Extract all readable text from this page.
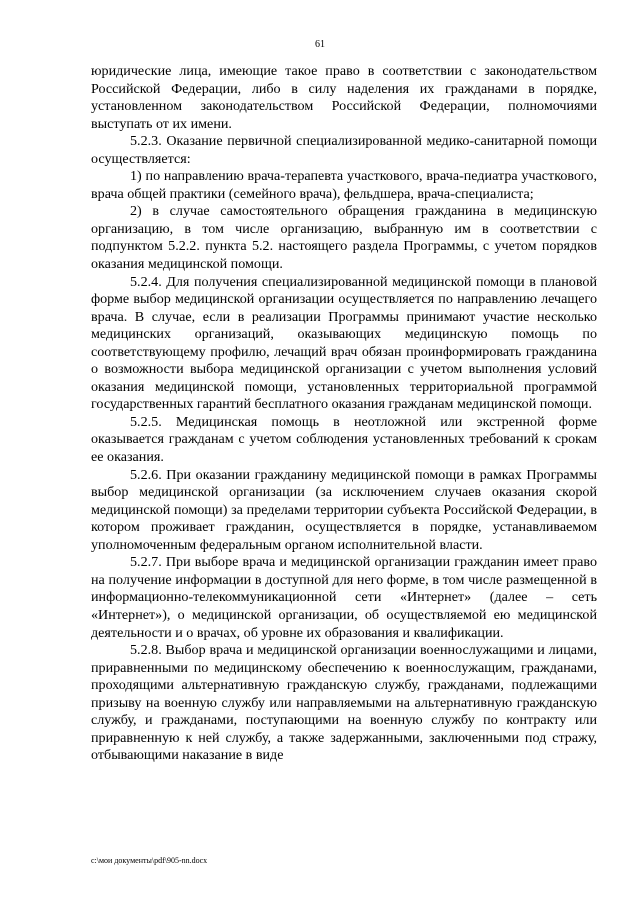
61

юридические лица, имеющие такое право в соответствии с законодательством Российской Федерации, либо в силу наделения их гражданами в порядке, установленном законодательством Российской Федерации, полномочиями выступать от их имени.

5.2.3. Оказание первичной специализированной медико-санитарной помощи осуществляется:

1) по направлению врача-терапевта участкового, врача-педиатра участкового, врача общей практики (семейного врача), фельдшера, врача-специалиста;

2) в случае самостоятельного обращения гражданина в медицинскую организацию, в том числе организацию, выбранную им в соответствии с подпунктом 5.2.2. пункта 5.2. настоящего раздела Программы, с учетом порядков оказания медицинской помощи.

5.2.4. Для получения специализированной медицинской помощи в плановой форме выбор медицинской организации осуществляется по направлению лечащего врача. В случае, если в реализации Программы принимают участие несколько медицинских организаций, оказывающих медицинскую помощь по соответствующему профилю, лечащий врач обязан проинформировать гражданина о возможности выбора медицинской организации с учетом выполнения условий оказания медицинской помощи, установленных территориальной программой государственных гарантий бесплатного оказания гражданам медицинской помощи.

5.2.5. Медицинская помощь в неотложной или экстренной форме оказывается гражданам с учетом соблюдения установленных требований к срокам ее оказания.

5.2.6. При оказании гражданину медицинской помощи в рамках Программы выбор медицинской организации (за исключением случаев оказания скорой медицинской помощи) за пределами территории субъекта Российской Федерации, в котором проживает гражданин, осуществляется в порядке, устанавливаемом уполномоченным федеральным органом исполнительной власти.

5.2.7. При выборе врача и медицинской организации гражданин имеет право на получение информации в доступной для него форме, в том числе размещенной в информационно-телекоммуникационной сети «Интернет» (далее – сеть «Интернет»), о медицинской организации, об осуществляемой ею медицинской деятельности и о врачах, об уровне их образования и квалификации.

5.2.8. Выбор врача и медицинской организации военнослужащими и лицами, приравненными по медицинскому обеспечению к военнослужащим, гражданами, проходящими альтернативную гражданскую службу, гражданами, подлежащими призыву на военную службу или направляемыми на альтернативную гражданскую службу, и гражданами, поступающими на военную службу по контракту или приравненную к ней службу, а также задержанными, заключенными под стражу, отбывающими наказание в виде

c:\мои документы\pdf\905-nn.docx
